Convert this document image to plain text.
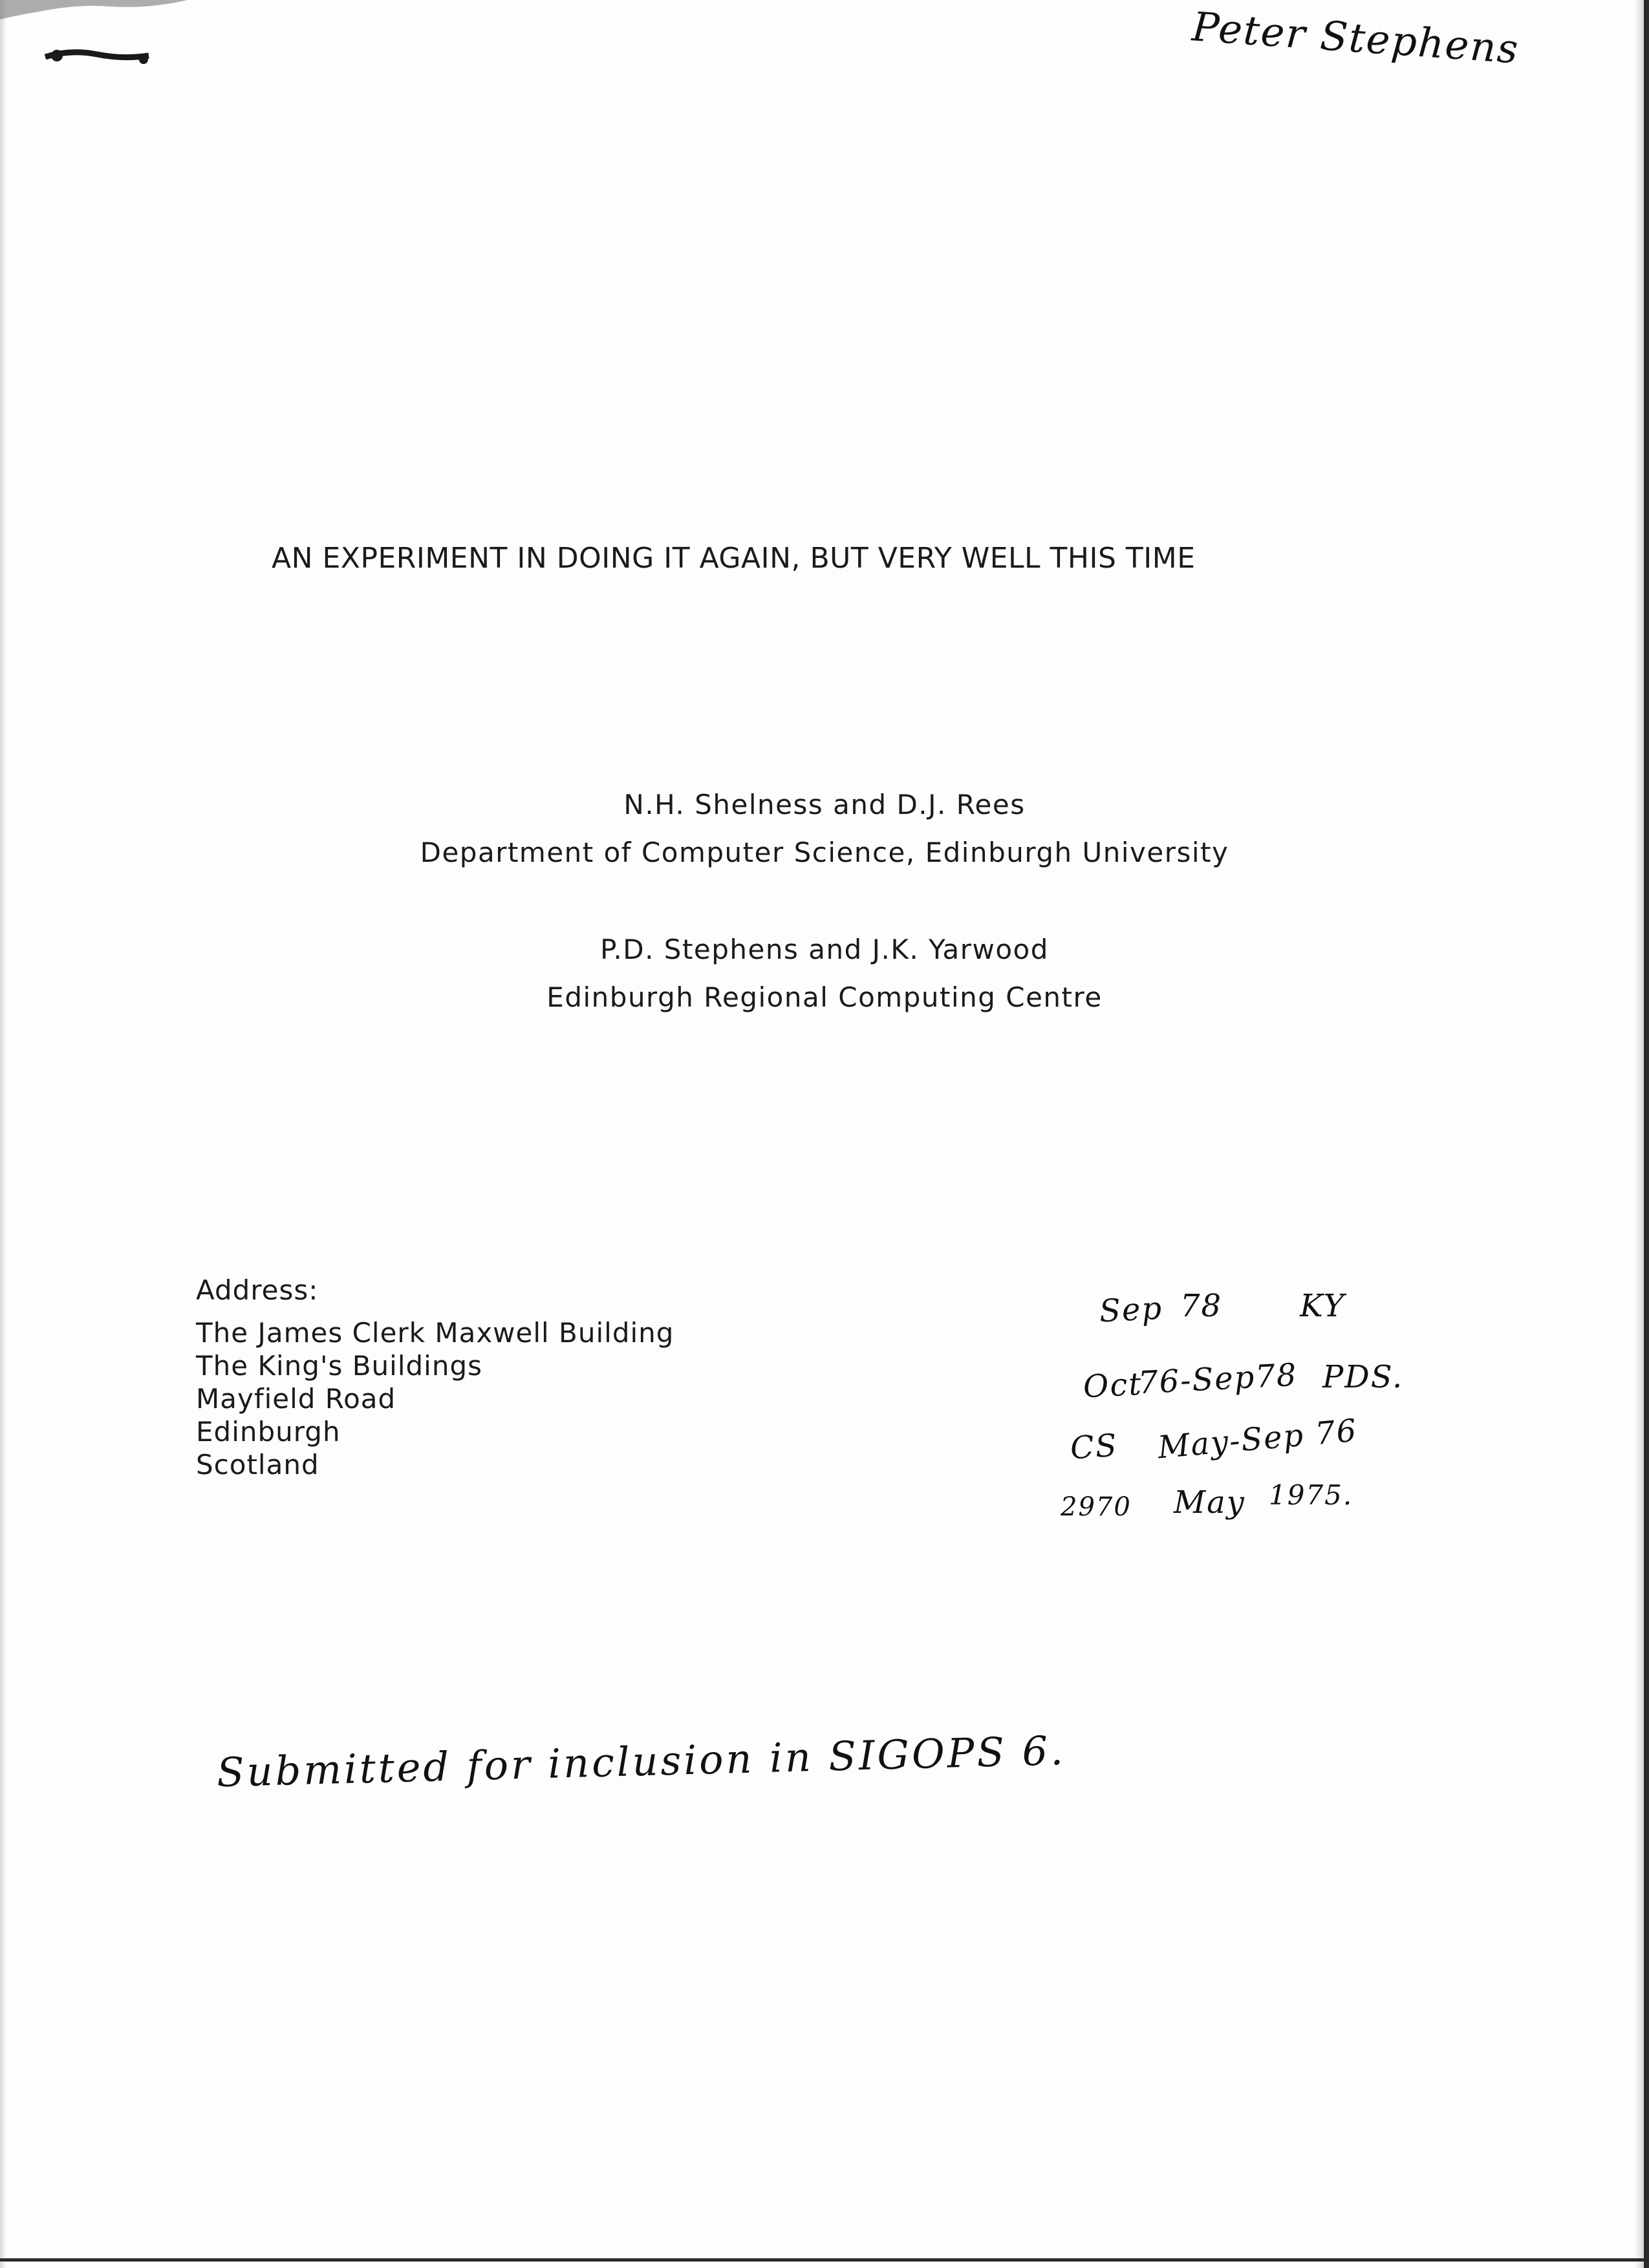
Peter Stephens
AN EXPERIMENT IN DOING IT AGAIN, BUT VERY WELL THIS TIME
N.H. Shelness and D.J. Rees
Department of Computer Science, Edinburgh University
P.D. Stephens and J.K. Yarwood
Edinburgh Regional Computing Centre
Address:
The James Clerk Maxwell Building
The King's Buildings
Mayfield Road
Edinburgh
Scotland
Sep 78 KY
Oct
76-Sep78 PDS.
CS May-Sep 76
2970 May 1975.
Submitted for inclusion in SIGOPS 6.
